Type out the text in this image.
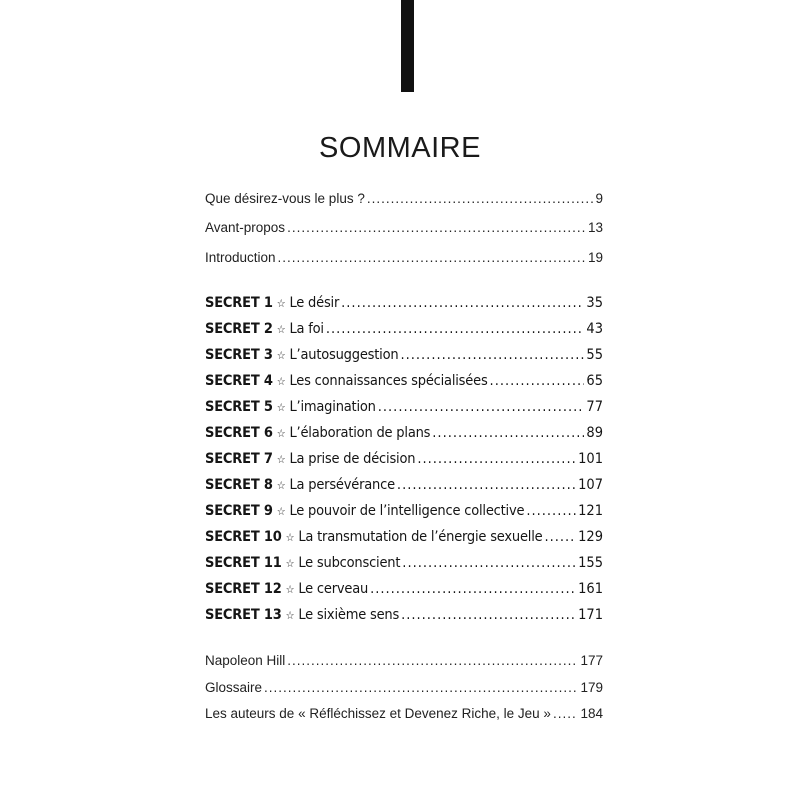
SOMMAIRE
Que désirez-vous le plus ? .....	9
Avant-propos .....	13
Introduction .....	19
SECRET 1 ☆ Le désir .....	35
SECRET 2 ☆ La foi .....	43
SECRET 3 ☆ L’autosuggestion .....	55
SECRET 4 ☆ Les connaissances spécialisées .....	65
SECRET 5 ☆ L’imagination .....	77
SECRET 6 ☆ L’élaboration de plans .....	89
SECRET 7 ☆ La prise de décision .....	101
SECRET 8 ☆ La persévérance .....	107
SECRET 9 ☆ Le pouvoir de l’intelligence collective .....	121
SECRET 10 ☆ La transmutation de l’énergie sexuelle ..... 129
SECRET 11 ☆ Le subconscient .....	155
SECRET 12 ☆ Le cerveau .....	161
SECRET 13 ☆ Le sixième sens .....	171
Napoleon Hill .....	177
Glossaire .....	179
Les auteurs de « Réfléchissez et Devenez Riche, le Jeu » ..... 184
